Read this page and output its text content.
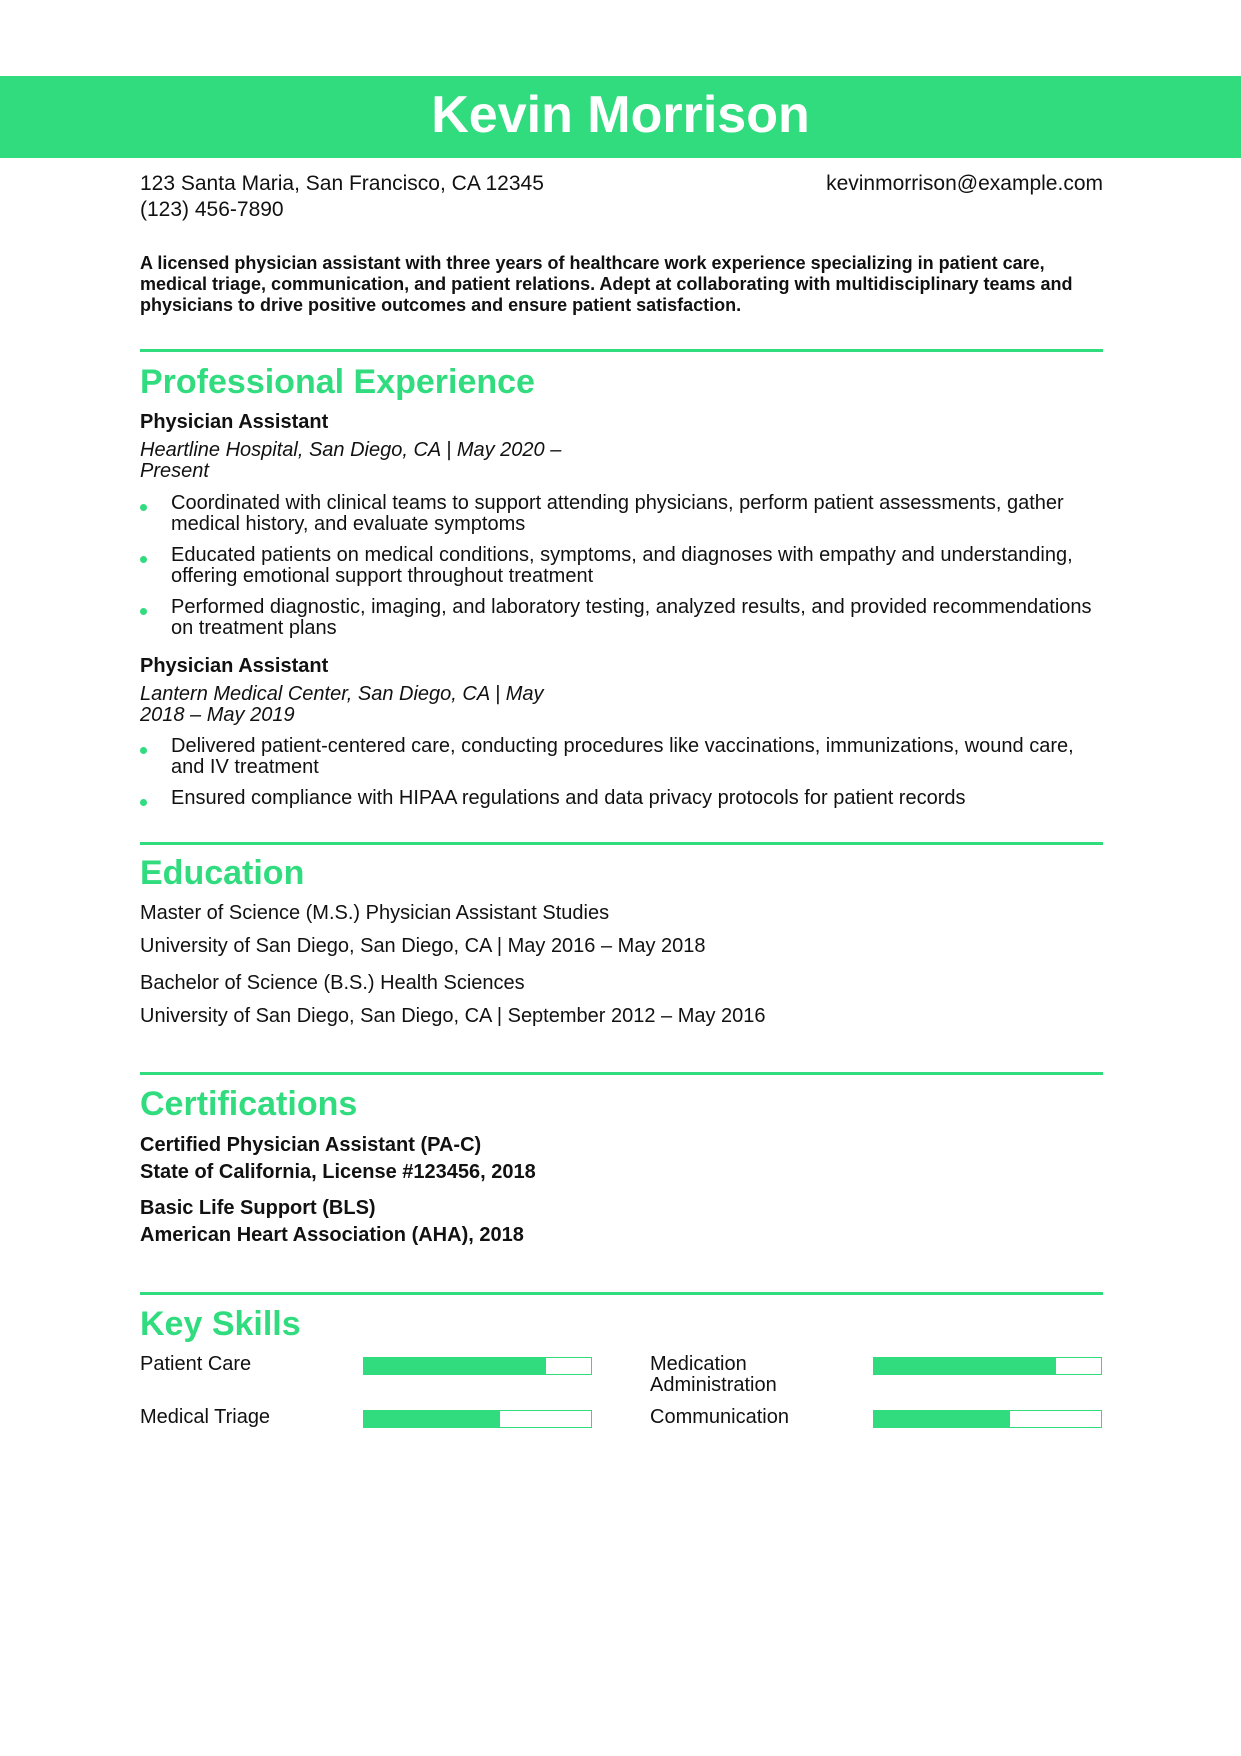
Kevin Morrison
123 Santa Maria, San Francisco, CA 12345
(123) 456-7890
kevinmorrison@example.com
A licensed physician assistant with three years of healthcare work experience specializing in patient care, medical triage, communication, and patient relations. Adept at collaborating with multidisciplinary teams and physicians to drive positive outcomes and ensure patient satisfaction.
Professional Experience
Physician Assistant
Heartline Hospital, San Diego, CA | May 2020 – Present
Coordinated with clinical teams to support attending physicians, perform patient assessments, gather medical history, and evaluate symptoms
Educated patients on medical conditions, symptoms, and diagnoses with empathy and understanding, offering emotional support throughout treatment
Performed diagnostic, imaging, and laboratory testing, analyzed results, and provided recommendations on treatment plans
Physician Assistant
Lantern Medical Center, San Diego, CA | May 2018 – May 2019
Delivered patient-centered care, conducting procedures like vaccinations, immunizations, wound care, and IV treatment
Ensured compliance with HIPAA regulations and data privacy protocols for patient records
Education
Master of Science (M.S.) Physician Assistant Studies
University of San Diego, San Diego, CA | May 2016 – May 2018
Bachelor of Science (B.S.) Health Sciences
University of San Diego, San Diego, CA | September 2012 – May 2016
Certifications
Certified Physician Assistant (PA-C)
State of California, License #123456, 2018
Basic Life Support (BLS)
American Heart Association (AHA), 2018
Key Skills
Patient Care	Medication Administration
Medical Triage	Communication
